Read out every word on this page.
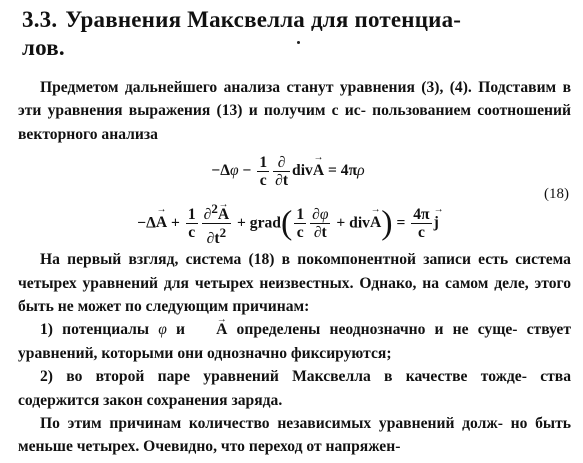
3.3. Уравнения Максвелла для потенциа-
лов.
Предметом дальнейшего анализа станут уравнения (3), (4). Подставим в эти уравнения выражения (13) и получим с ис- пользованием соотношений векторного анализа
$-\Delta\varphi - \frac{1}{c} \frac{\partial}{\partial t} div\to A = 4\pi\rho$
(18)
$-\Delta\to A + \frac{1}{c} \frac{\partial^2\to A}{\partial t^2}$ + grad( $\frac{1}{c} \frac{\partial\varphi}{\partial t} + div\to A) = \frac{4\pi}{c}$
→ j
На первый взгляд, система (18) в покомпонентной записи есть система четырех уравнений для четырех неизвестных. Однако, на самом деле, этого быть не может по следующим причинам:
1) потенциалы φ и → A определены неоднозначно и не суще- ствует уравнений, которыми они однозначно фиксируются;
2) во второй паре уравнений Максвелла в качестве тожде- ства содержится закон сохранения заряда.
По этим причинам количество независимых уравнений долж- но быть меньше четырех. Очевидно, что переход от напряжен-
